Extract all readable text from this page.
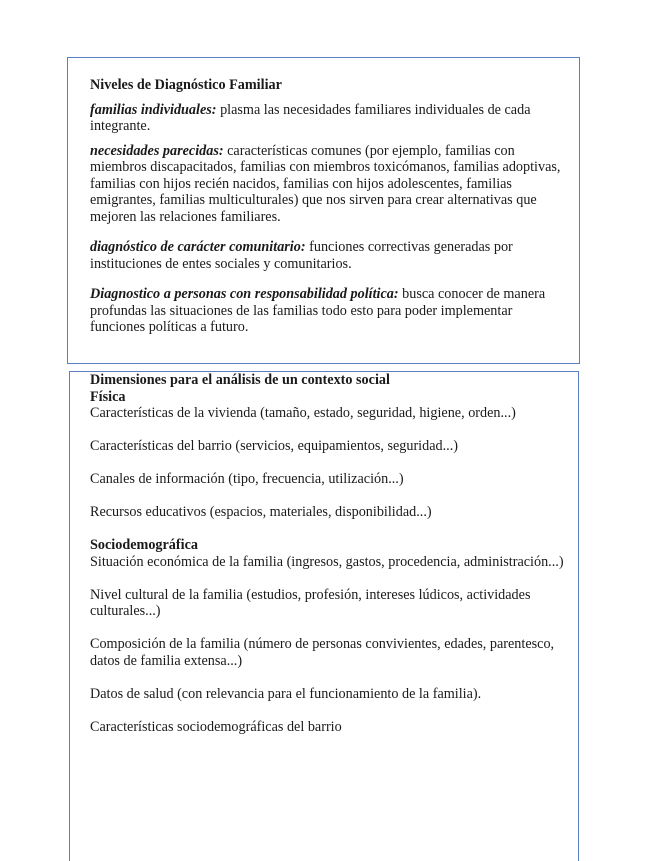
Niveles de Diagnóstico Familiar

familias individuales: plasma las necesidades familiares individuales de cada integrante.

necesidades parecidas: características comunes (por ejemplo, familias con miembros discapacitados, familias con miembros toxicómanos, familias adoptivas, familias con hijos recién nacidos, familias con hijos adolescentes, familias emigrantes, familias multiculturales) que nos sirven para crear alternativas que mejoren las relaciones familiares.

diagnóstico de carácter comunitario: funciones correctivas generadas por instituciones de entes sociales y comunitarios.

Diagnostico a personas con responsabilidad política: busca conocer de manera profundas las situaciones de las familias todo esto para poder implementar funciones políticas a futuro.

Dimensiones para el análisis de un contexto social

Física

Características de la vivienda (tamaño, estado, seguridad, higiene, orden...)

Características del barrio (servicios, equipamientos, seguridad...)

Canales de información (tipo, frecuencia, utilización...)

Recursos educativos (espacios, materiales, disponibilidad...)

Sociodemográfica

Situación económica de la familia (ingresos, gastos, procedencia, administración...)

Nivel cultural de la familia (estudios, profesión, intereses lúdicos, actividades culturales...)

Composición de la familia (número de personas convivientes, edades, parentesco, datos de familia extensa...)

Datos de salud (con relevancia para el funcionamiento de la familia).

Características sociodemográficas del barrio
